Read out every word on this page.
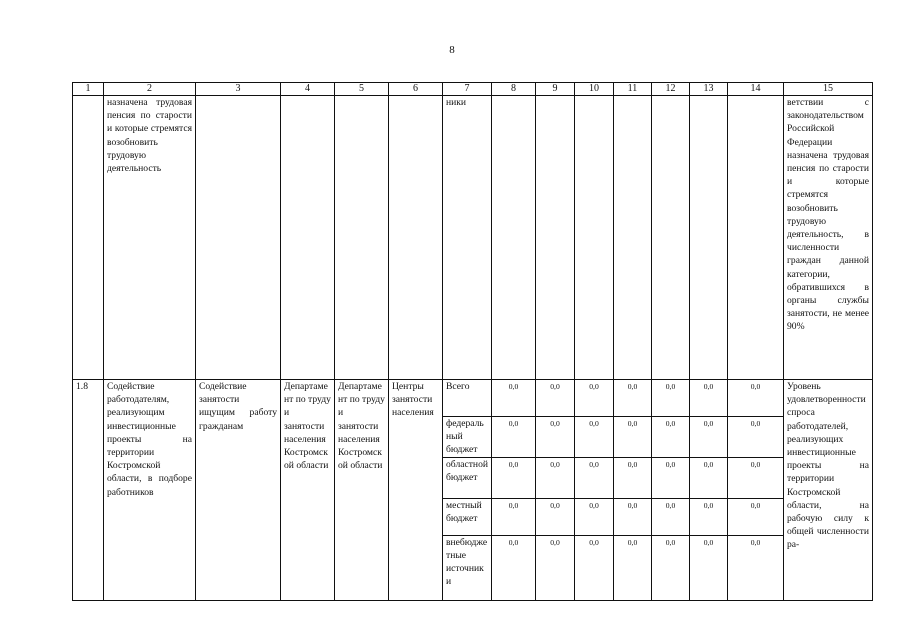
8
1	2	3	4	5	6	7	8	9	10	11	12	13	14	15
	назначена трудовая пенсия по старости и которые стремятся возобновить трудовую деятельность					ники								ветствии с законодательством Российской Федерации назначена трудовая пенсия по старости и которые стремятся возобновить трудовую деятельность, в численности граждан данной категории, обратившихся в органы службы занятости, не менее 90%
1.8	Содействие работодателям, реализующим инвестиционные проекты на территории Костромской области, в подборе работников	Содействие занятости ищущим работу гражданам	Департамент по труду и занятости населения Костромской области	Департамент по труду и занятости населения Костромской области	Центры занятости населения	Всего	0,0	0,0	0,0	0,0	0,0	0,0	0,0	Уровень удовлетворенности спроса работодателей, реализующих инвестиционные проекты на территории Костромской области, на рабочую силу к общей численности ра-
						федеральный бюджет	0,0	0,0	0,0	0,0	0,0	0,0	0,0	
						областной бюджет	0,0	0,0	0,0	0,0	0,0	0,0	0,0	
						местный бюджет	0,0	0,0	0,0	0,0	0,0	0,0	0,0	
						внебюджетные источники	0,0	0,0	0,0	0,0	0,0	0,0	0,0	
